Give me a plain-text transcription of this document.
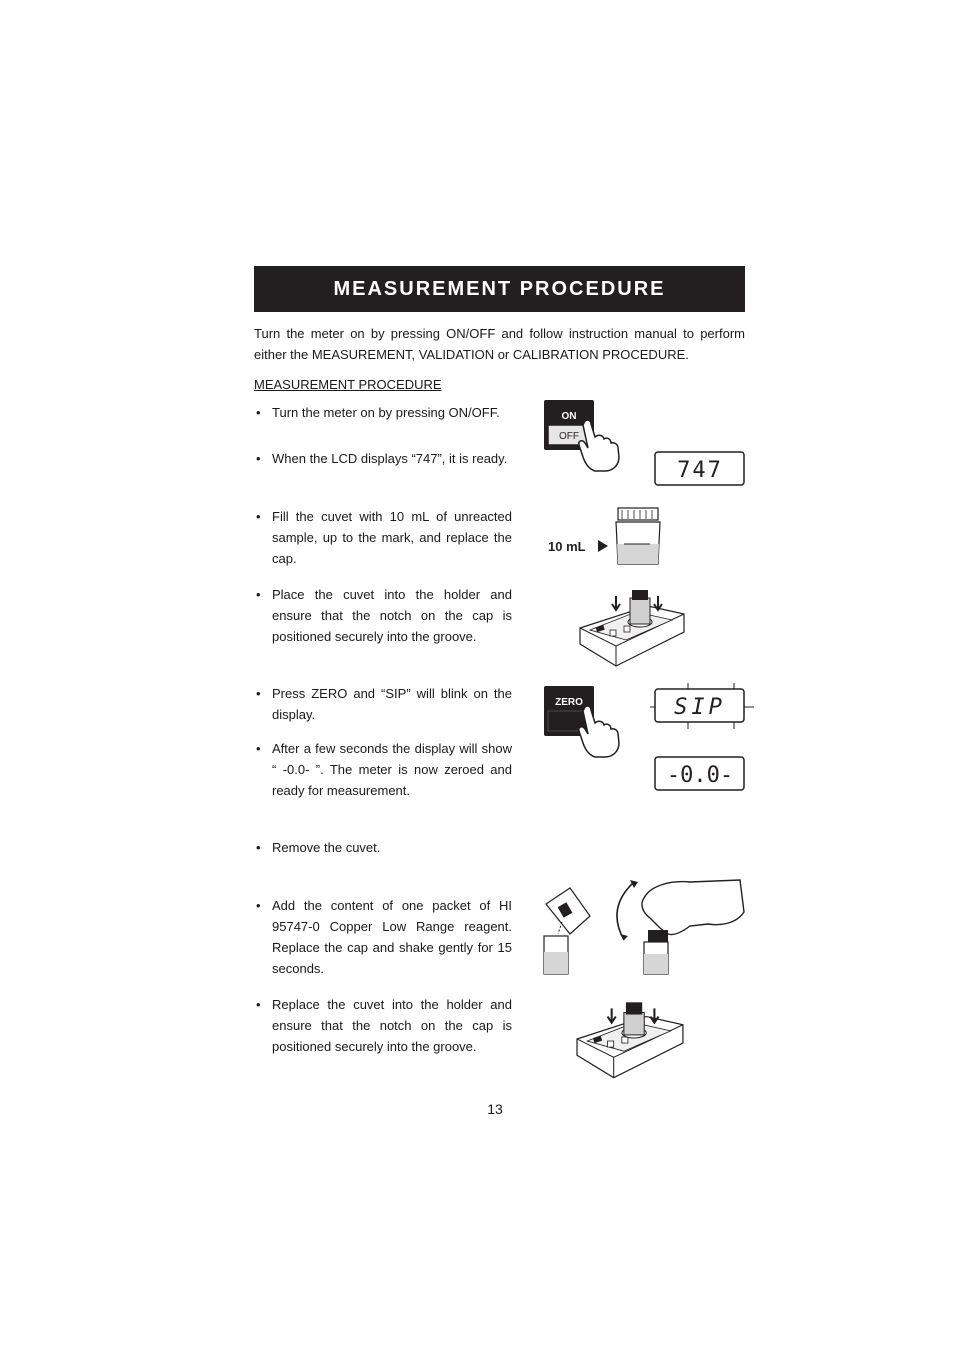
MEASUREMENT PROCEDURE
Turn the meter on by pressing ON/OFF and follow instruction manual to perform either the MEASUREMENT, VALIDATION or CALIBRATION PROCEDURE.
MEASUREMENT PROCEDURE
• Turn the meter on by pressing ON/OFF.
• When the LCD displays “747”, it is ready.
• Fill the cuvet with 10 mL of unreacted sample, up to the mark, and replace the cap.
• Place the cuvet into the holder and ensure that the notch on the cap is positioned securely into the groove.
• Press ZERO and “SIP” will blink on the display.
• After a few seconds the display will show “ -0.0- ”. The meter is now zeroed and ready for measurement.
• Remove the cuvet.
• Add the content of one packet of HI 95747-0 Copper Low Range reagent. Replace the cap and shake gently for 15 seconds.
• Replace the cuvet into the holder and ensure that the notch on the cap is positioned securely into the groove.
ON
OFF
747
10 mL
ZERO	SIP
-0.0-
13
